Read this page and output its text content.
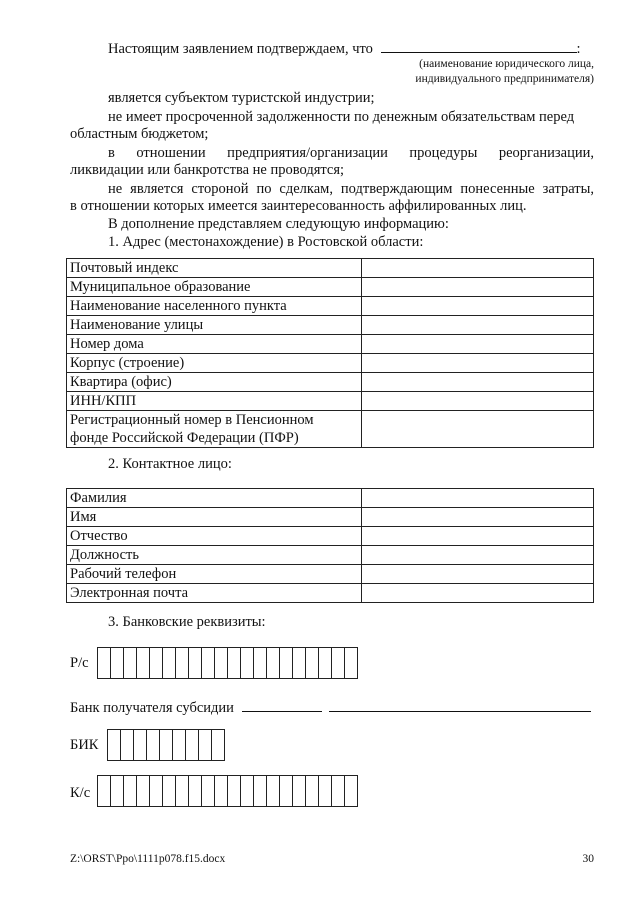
Настоящим заявлением подтверждаем, что	:
(наименование юридического лица,
индивидуального предпринимателя)
является субъектом туристской индустрии;
не имеет просроченной задолженности по денежным обязательствам перед
областным бюджетом;
в отношении предприятия/организации процедуры реорганизации,
ликвидации или банкротства не проводятся;
не является стороной по сделкам, подтверждающим понесенные затраты,
в отношении которых имеется заинтересованность аффилированных лиц.
В дополнение представляем следующую информацию:
1. Адрес (местонахождение) в Ростовской области:
Почтовый индекс	
Муниципальное образование	
Наименование населенного пункта	
Наименование улицы	
Номер дома	
Корпус (строение)	
Квартира (офис)	
ИНН/КПП	

Регистрационный номер в Пенсионном
фонде Российской Федерации (ПФР)	

2. Контактное лицо:
Фамилия	
Имя	
Отчество	
Должность	
Рабочий телефон	
Электронная почта	
3. Банковские реквизиты:
Р/с
Банк получателя субсидии
БИК
К/с
Z:\ORST\Ppo\1111p078.f15.docx	30
